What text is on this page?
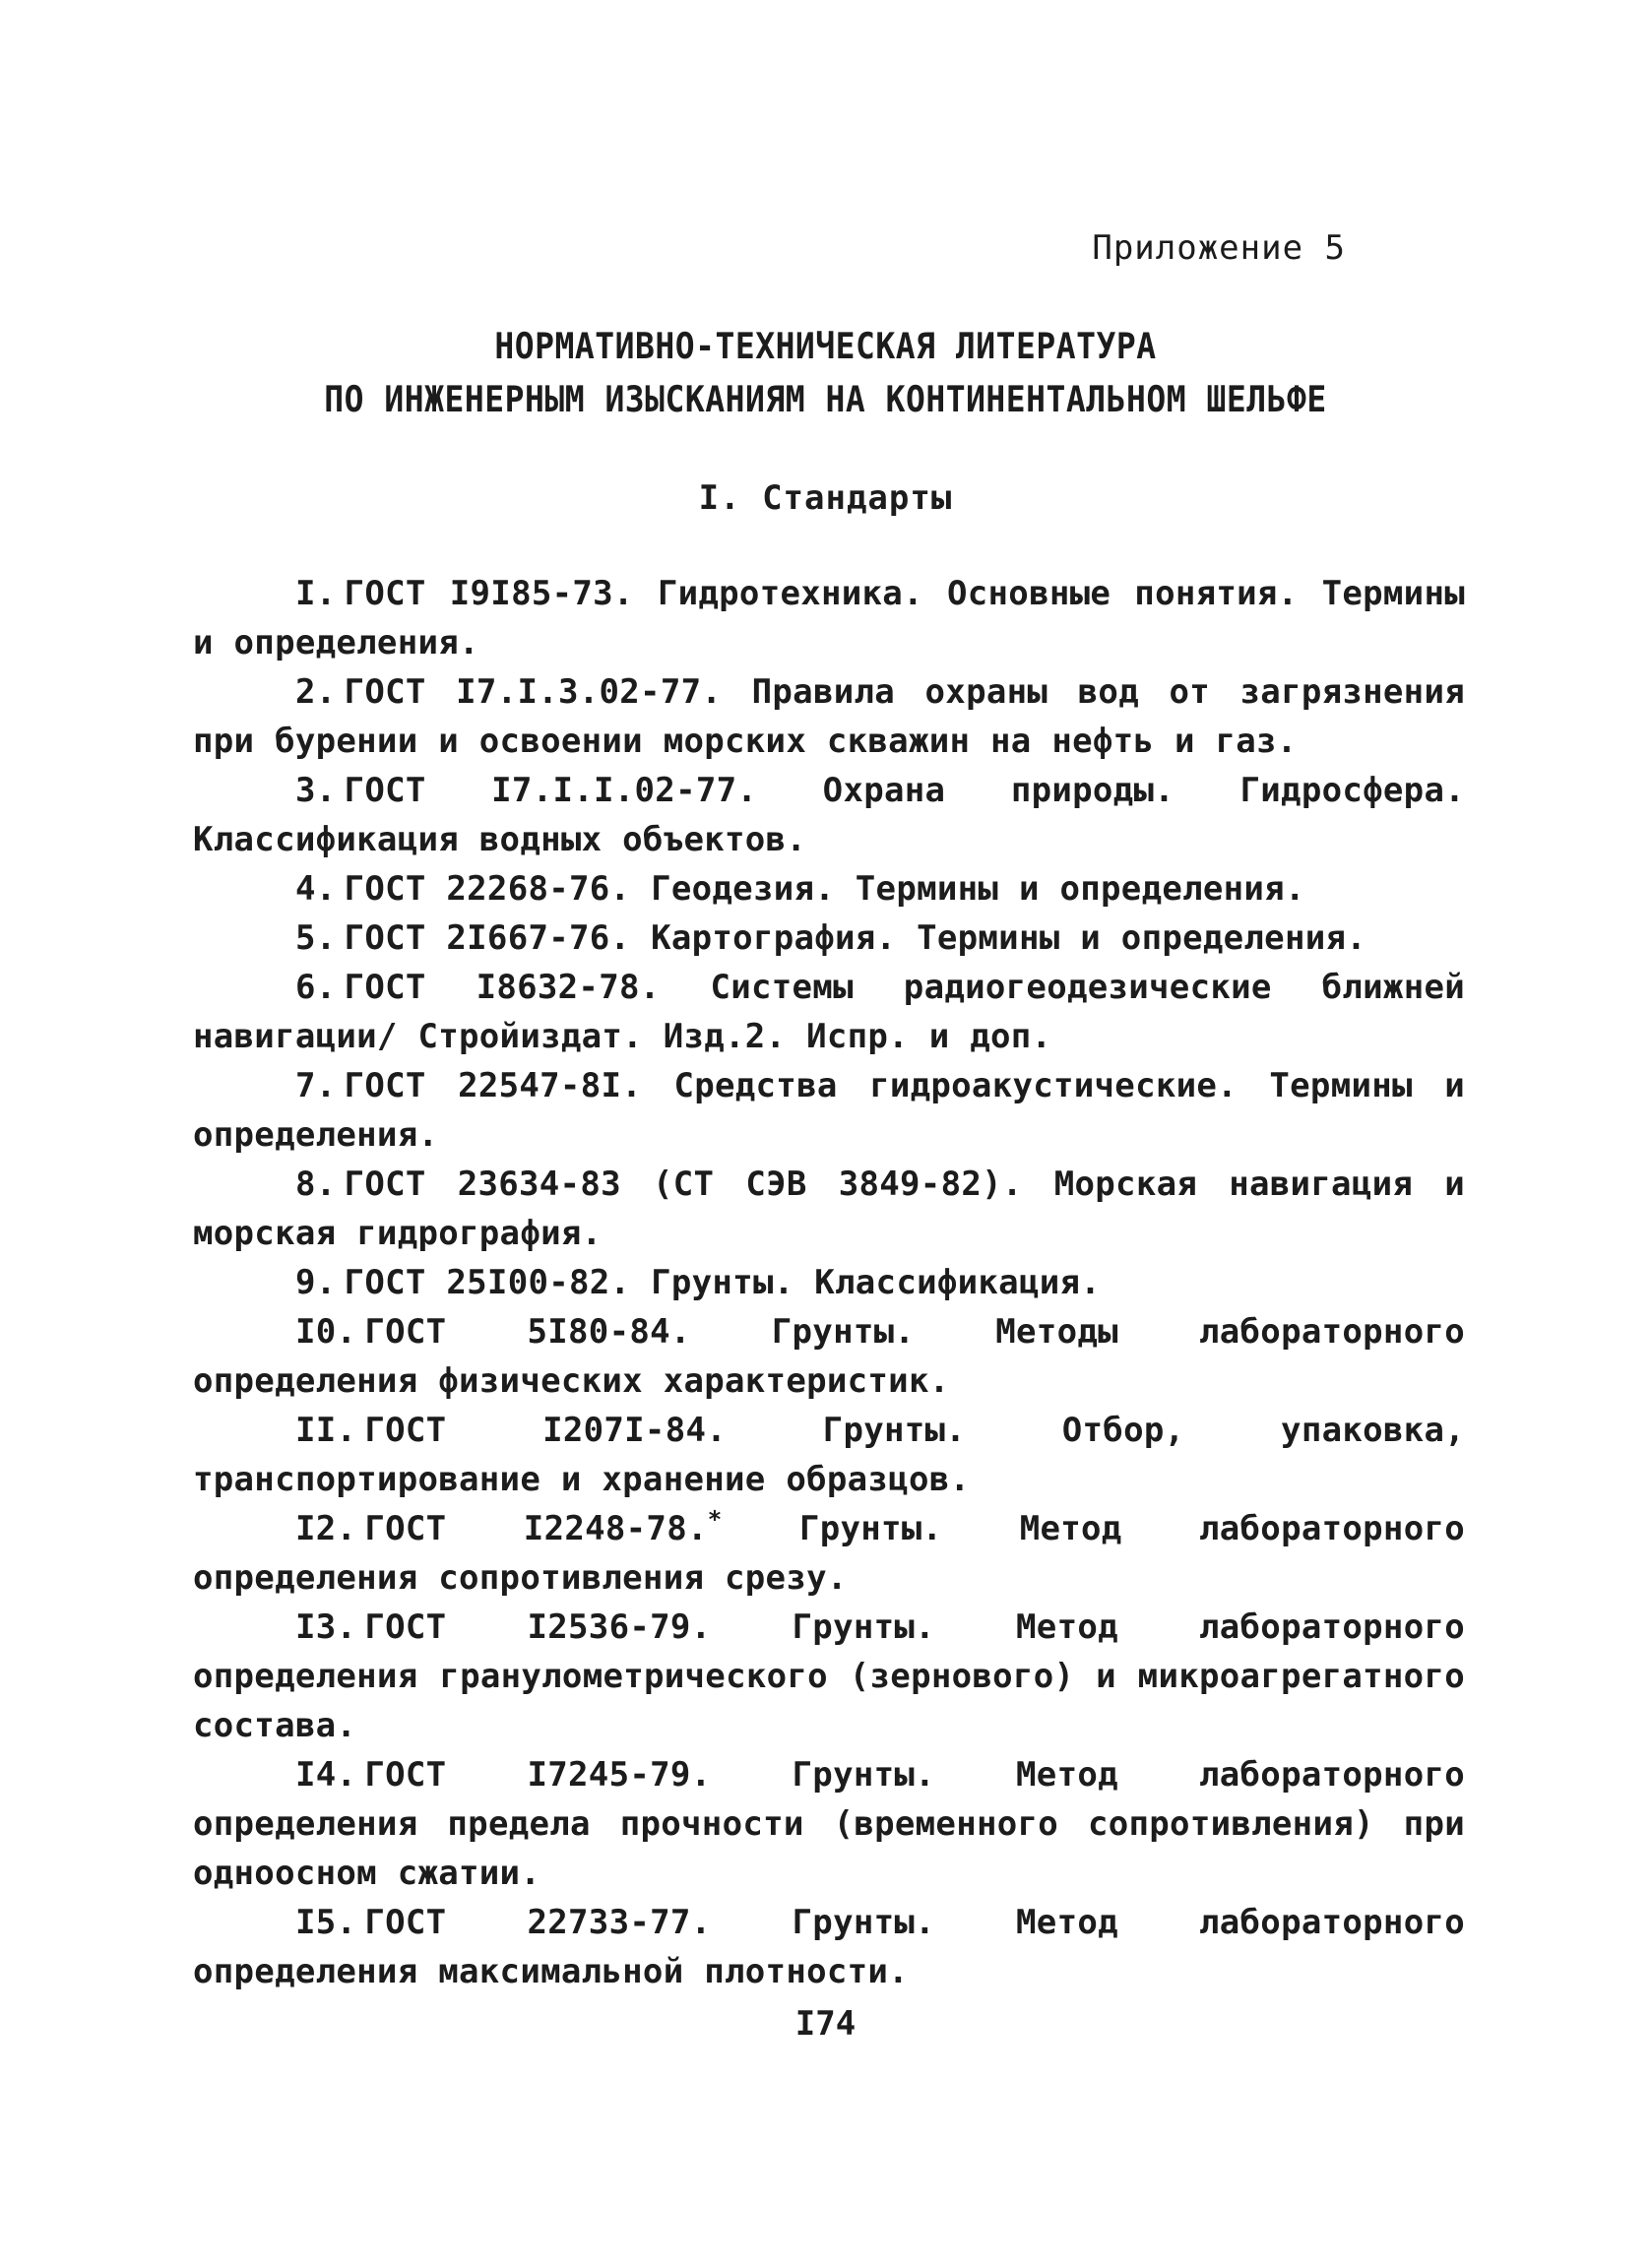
Приложение 5
НОРМАТИВНО-ТЕХНИЧЕСКАЯ ЛИТЕРАТУРА
ПО ИНЖЕНЕРНЫМ ИЗЫСКАНИЯМ НА КОНТИНЕНТАЛЬНОМ ШЕЛЬФЕ
I. Стандарты
I. ГОСТ I9I85-73. Гидротехника. Основные понятия. Термины и определения.
2. ГОСТ I7.I.3.02-77. Правила охраны вод от загрязнения при бурении и освоении морских скважин на нефть и газ.
3. ГОСТ I7.I.I.02-77. Охрана природы. Гидросфера. Классификация водных объектов.
4. ГОСТ 22268-76. Геодезия. Термины и определения.
5. ГОСТ 2I667-76. Картография. Термины и определения.
6. ГОСТ I8632-78. Системы радиогеодезические ближней навигации/ Стройиздат. Изд.2. Испр. и доп.
7. ГОСТ 22547-8I. Средства гидроакустические. Термины и определения.
8. ГОСТ 23634-83 (СТ СЭВ 3849-82). Морская навигация и морская гидрография.
9. ГОСТ 25I00-82. Грунты. Классификация.
I0. ГОСТ 5I80-84. Грунты. Методы лабораторного определения физических характеристик.
II. ГОСТ I207I-84. Грунты. Отбор, упаковка, транспортирование и хранение образцов.
I2. ГОСТ I2248-78.* Грунты. Метод лабораторного определения сопротивления срезу.
I3. ГОСТ I2536-79. Грунты. Метод лабораторного определения гранулометрического (зернового) и микроагрегатного состава.
I4. ГОСТ I7245-79. Грунты. Метод лабораторного определения предела прочности (временного сопротивления) при одноосном сжатии.
I5. ГОСТ 22733-77. Грунты. Метод лабораторного определения максимальной плотности.
I74
